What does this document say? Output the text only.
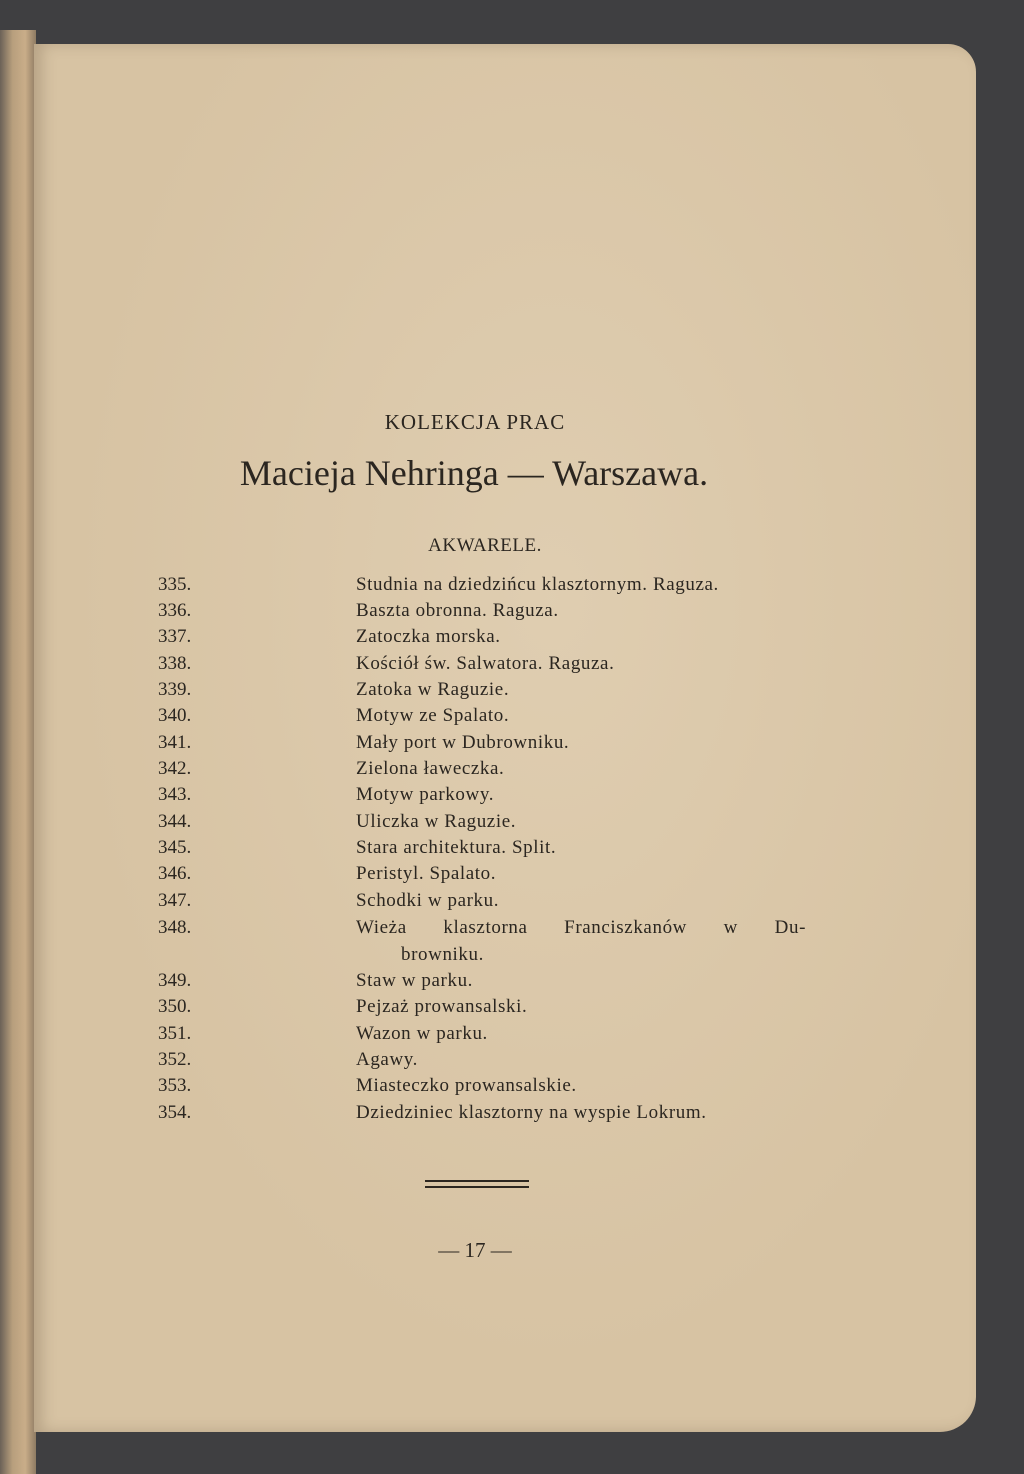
KOLEKCJA PRAC
Macieja Nehringa — Warszawa.
AKWARELE.
335.	Studnia na dziedzińcu klasztornym. Raguza.
336.	Baszta obronna. Raguza.
337.	Zatoczka morska.
338.	Kościół św. Salwatora. Raguza.
339.	Zatoka w Raguzie.
340.	Motyw ze Spalato.
341.	Mały port w Dubrowniku.
342.	Zielona ławeczka.
343.	Motyw parkowy.
344.	Uliczka w Raguzie.
345.	Stara architektura. Split.
346.	Peristyl. Spalato.
347.	Schodki w parku.
348.	Wieża klasztorna Franciszkanów w Du-
browniku.
349.	Staw w parku.
350.	Pejzaż prowansalski.
351.	Wazon w parku.
352.	Agawy.
353.	Miasteczko prowansalskie.
354.	Dziedziniec klasztorny na wyspie Lokrum.
— 17 —
